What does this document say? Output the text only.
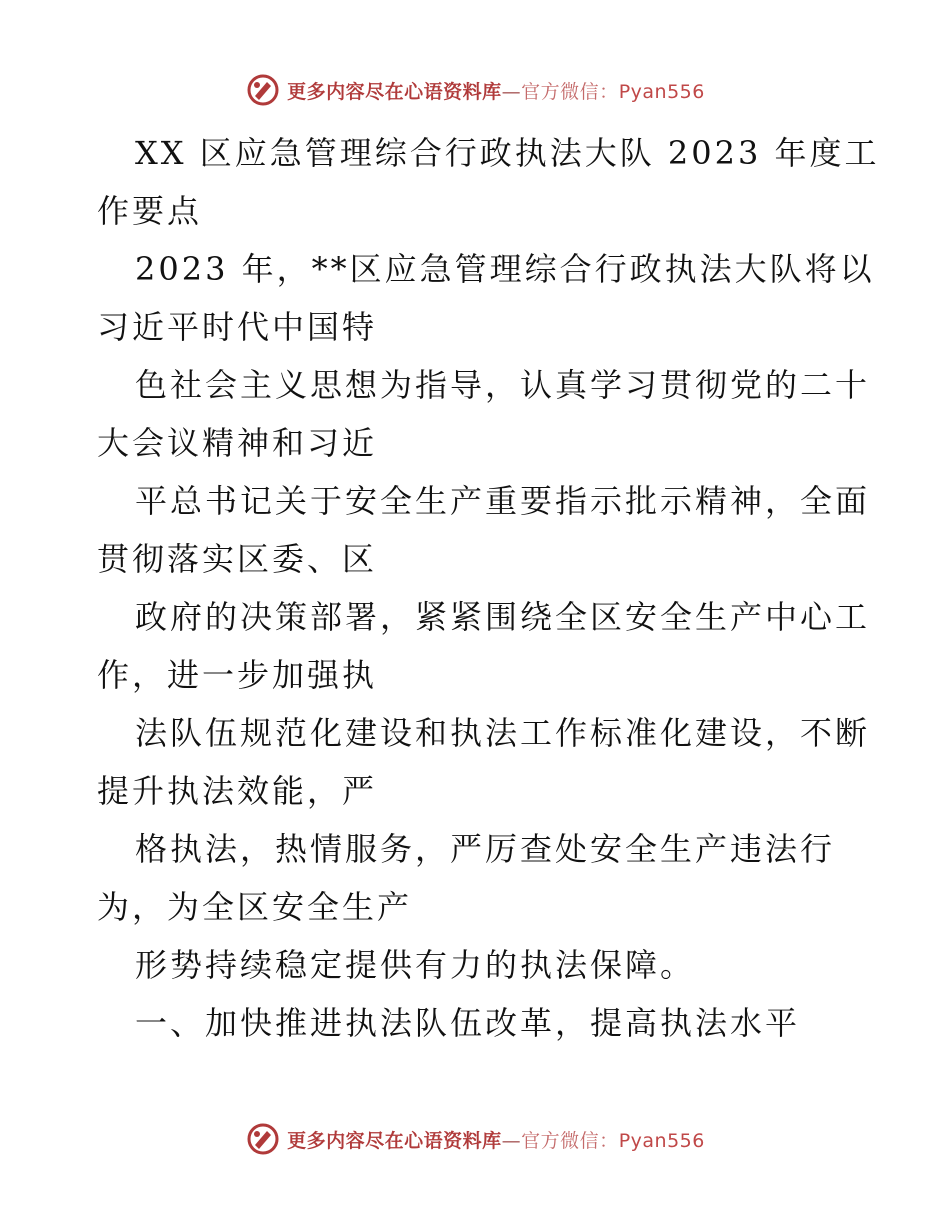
更多内容尽在心语资料库—官方微信：Pyan556
XX 区应急管理综合行政执法大队 2023 年度工
作要点
2023 年，**区应急管理综合行政执法大队将以
习近平时代中国特
色社会主义思想为指导，认真学习贯彻党的二十
大会议精神和习近
平总书记关于安全生产重要指示批示精神，全面
贯彻落实区委、区
政府的决策部署，紧紧围绕全区安全生产中心工
作，进一步加强执
法队伍规范化建设和执法工作标准化建设，不断
提升执法效能，严
格执法，热情服务，严厉查处安全生产违法行
为，为全区安全生产
形势持续稳定提供有力的执法保障。
一、加快推进执法队伍改革，提高执法水平
更多内容尽在心语资料库—官方微信：Pyan556
